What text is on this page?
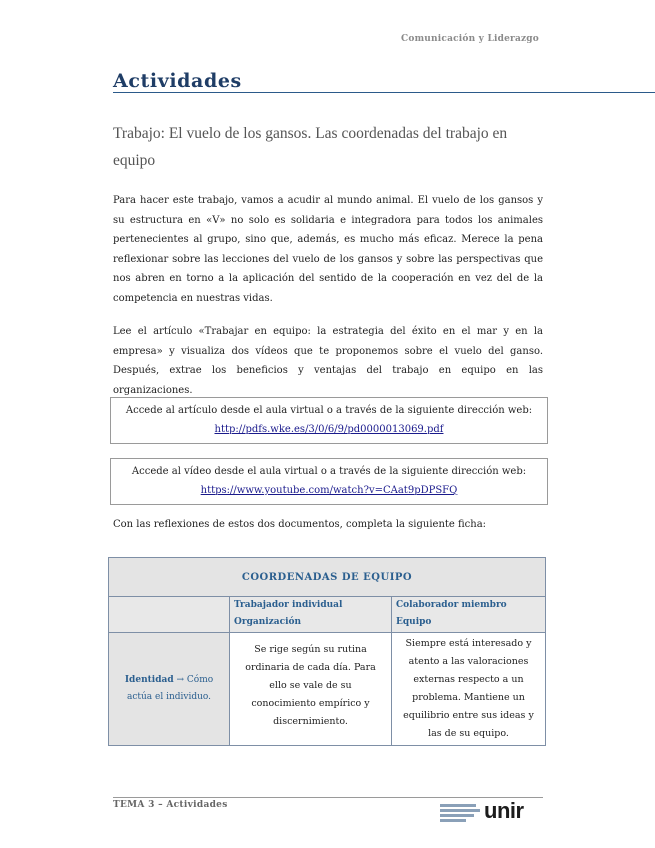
Comunicación y Liderazgo
Actividades
Trabajo: El vuelo de los gansos. Las coordenadas del trabajo en equipo
Para hacer este trabajo, vamos a acudir al mundo animal. El vuelo de los gansos y su estructura en «V» no solo es solidaria e integradora para todos los animales pertenecientes al grupo, sino que, además, es mucho más eficaz. Merece la pena reflexionar sobre las lecciones del vuelo de los gansos y sobre las perspectivas que nos abren en torno a la aplicación del sentido de la cooperación en vez del de la competencia en nuestras vidas.
Lee el artículo «Trabajar en equipo: la estrategia del éxito en el mar y en la empresa» y visualiza dos vídeos que te proponemos sobre el vuelo del ganso. Después, extrae los beneficios y ventajas del trabajo en equipo en las organizaciones.
Accede al artículo desde el aula virtual o a través de la siguiente dirección web:
http://pdfs.wke.es/3/0/6/9/pd0000013069.pdf
Accede al vídeo desde el aula virtual o a través de la siguiente dirección web:
https://www.youtube.com/watch?v=CAat9pDPSFQ
Con las reflexiones de estos dos documentos, completa la siguiente ficha:
COORDENADAS DE EQUIPO		
	Trabajador individual Organización	Colaborador miembro Equipo
Identidad → Cómo actúa el individuo.	Se rige según su rutina ordinaria de cada día. Para ello se vale de su conocimiento empírico y discernimiento.	Siempre está interesado y atento a las valoraciones externas respecto a un problema. Mantiene un equilibrio entre sus ideas y las de su equipo.
TEMA 3 – Actividades	unir
